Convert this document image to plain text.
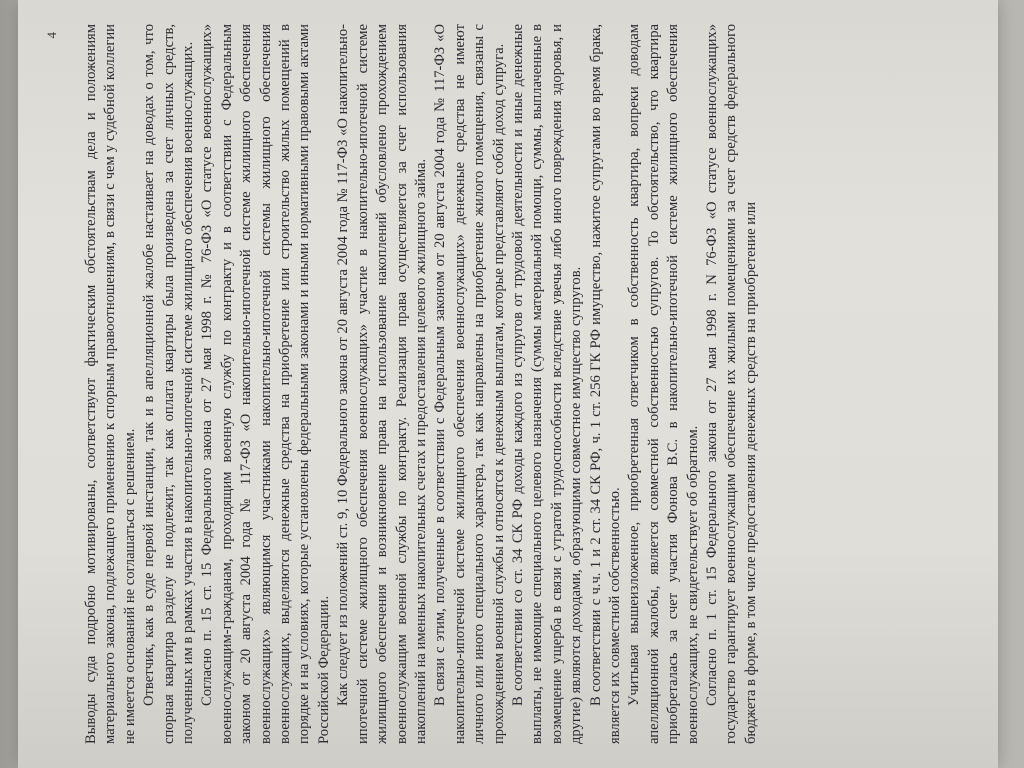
4 Выводы суда подробно мотивированы, соответствуют фактическим обстоятельствам дела и положениям материального закона, подлежащего применению к спорным правоотношениям, в связи с чем у судебной коллегии не имеется оснований не соглашаться с решением. Ответчик, как в суде первой инстанции, так и в апелляционной жалобе настаивает на доводах о том, что спорная квартира разделу не подлежит, так как оплата квартиры была произведена за счет личных средств, полученных им в рамках участия в накопительно-ипотечной системе жилищного обеспечения военнослужащих. Согласно п. 15 ст. 15 Федерального закона от 27 мая 1998 г. № 76-ФЗ «О статусе военнослужащих» военнослужащим-гражданам, проходящим военную службу по контракту и в соответствии с Федеральным законом от 20 августа 2004 года № 117-ФЗ «О накопительно-ипотечной системе жилищного обеспечения военнослужащих» являющимся участниками накопительно-ипотечной системы жилищного обеспечения военнослужащих, выделяются денежные средства на приобретение или строительство жилых помещений в порядке и на условиях, которые установлены федеральными законами и иными нормативными правовыми актами Российской Федерации. Как следует из положений ст. 9, 10 Федерального закона от 20 августа 2004 года № 117-ФЗ «О накопительно-ипотечной системе жилищного обеспечения военнослужащих» участие в накопительно-ипотечной системе жилищного обеспечения и возникновение права на использование накоплений обусловлено прохождением военнослужащим военной службы по контракту. Реализация права осуществляется за счет использования накоплений на именных накопительных счетах и предоставления целевого жилищного займа. В связи с этим, полученные в соответствии с Федеральным законом от 20 августа 2004 года № 117-ФЗ «О накопительно-ипотечной системе жилищного обеспечения военнослужащих» денежные средства не имеют личного или иного специального характера, так как направлены на приобретение жилого помещения, связаны с прохождением военной службы и относятся к денежным выплатам, которые представляют собой доход супруга. В соответствии со ст. 34 СК РФ доходы каждого из супругов от трудовой деятельности и иные денежные выплаты, не имеющие специального целевого назначения (суммы материальной помощи, суммы, выплаченные в возмещение ущерба в связи с утратой трудоспособности вследствие увечья либо иного повреждения здоровья, и другие) являются доходами, образующими совместное имущество супругов. В соответствии с ч.ч. 1 и 2 ст. 34 СК РФ, ч. 1 ст. 256 ГК РФ имущество, нажитое супругами во время брака, является их совместной собственностью. Учитывая вышеизложенное, приобретенная ответчиком в собственность квартира, вопреки доводам апелляционной жалобы, является совместной собственностью супругов. То обстоятельство, что квартира приобреталась за счет участия Фонова В.С. в накопительно-ипотечной системе жилищного обеспечения военнослужащих, не свидетельствует об обратном. Согласно п. 1 ст. 15 Федерального закона от 27 мая 1998 г. N 76-ФЗ «О статусе военнослужащих» государство гарантирует военнослужащим обеспечение их жилыми помещениями за счет средств федерального бюджета в форме, в том числе предоставления денежных средств на приобретение или
